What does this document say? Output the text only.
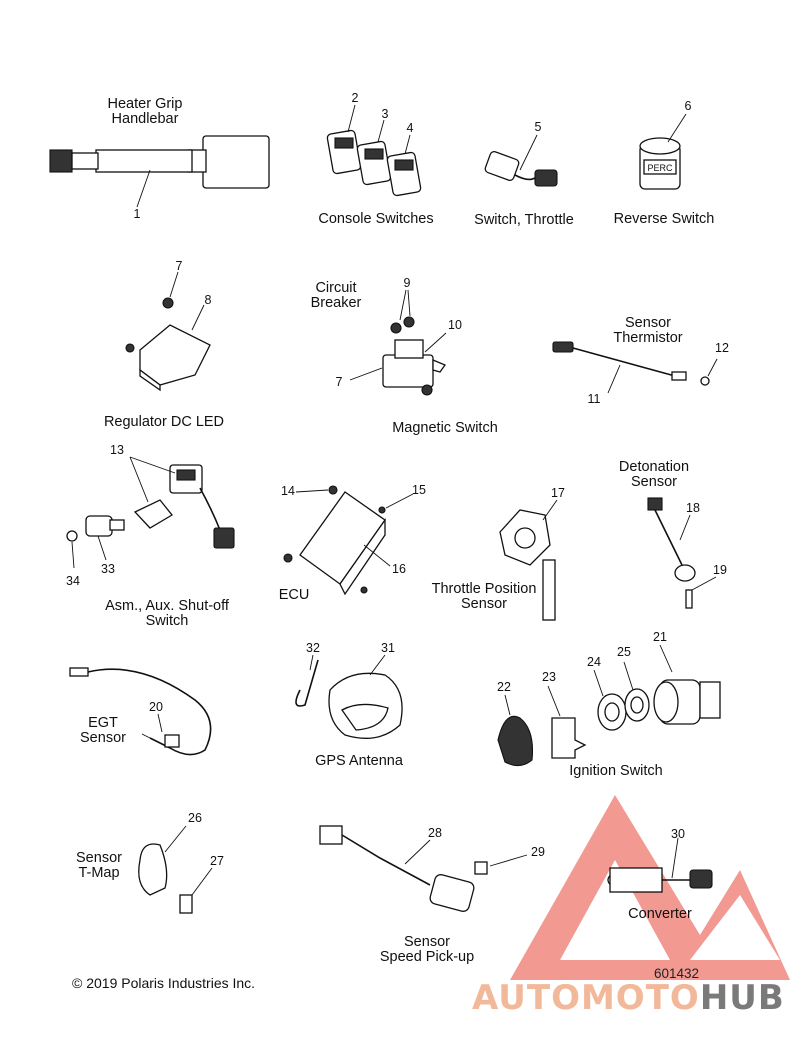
Heater Grip
Handlebar
Console Switches	Switch, Throttle	Reverse Switch
Regulator DC LED
Circuit
Breaker
Magnetic Switch
Sensor
Thermistor
Asm., Aux. Shut-off
Switch
ECU	Throttle Position
Sensor
Detonation
Sensor
EGT
Sensor
GPS Antenna
Ignition Switch
Sensor
T-Map
Sensor
Speed Pick-up
Converter
PERC
1
2
3
4	5
6
7
8
9
10
7
11
12
13
14	15
16
17
18
19
33
34
20
32	31
22
23
24
25
21
26
27
28
29
30
© 2019 Polaris Industries Inc.
601432
AUTOMOTOHUB
